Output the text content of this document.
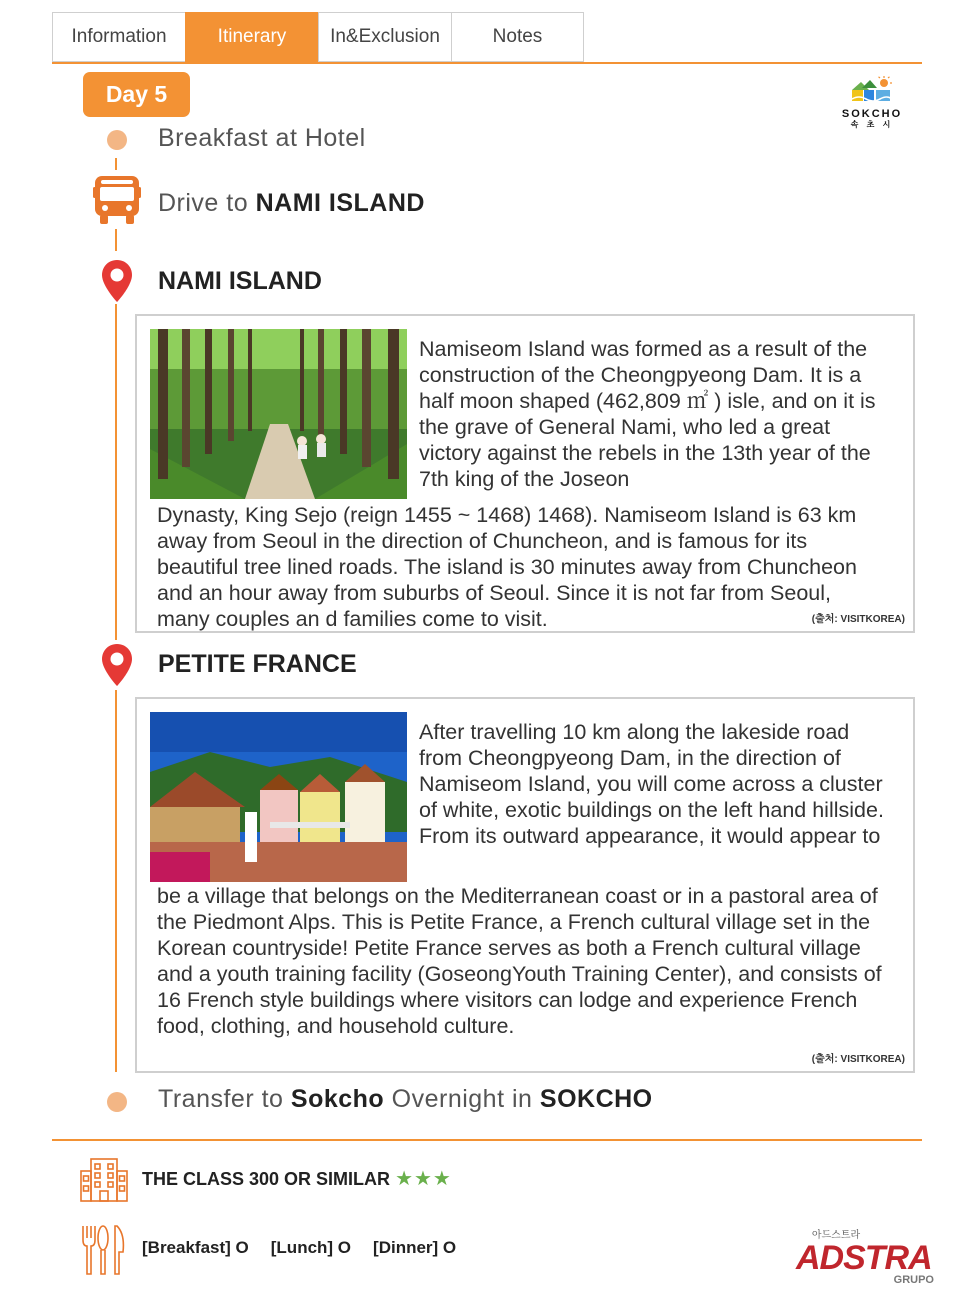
Information	Itinerary	In&Exclusion	Notes
Day 5
SOKCHO
속 초 시
Breakfast at Hotel
Drive to NAMI ISLAND
NAMI ISLAND
Namiseom Island was formed as a result of the construction of the Cheongpyeong Dam. It is a half moon shaped (462,809 ㎡ ) isle, and on it is the grave of General Nami, who led a great victory against the rebels in the 13th year of the 7th king of the Joseon
Dynasty, King Sejo (reign 1455 ~ 1468) 1468). Namiseom Island is 63 km away from Seoul in the direction of Chuncheon, and is famous for its beautiful tree lined roads. The island is 30 minutes away from Chuncheon and an hour away from suburbs of Seoul. Since it is not far from Seoul, many couples an d families come to visit.	(출처: VISITKOREA)
PETITE FRANCE
After travelling 10 km along the lakeside road from Cheongpyeong Dam, in the direction of Namiseom Island, you will come across a cluster of white, exotic buildings on the left hand hillside. From its outward appearance, it would appear to
be a village that belongs on the Mediterranean coast or in a pastoral area of the Piedmont Alps. This is Petite France, a French cultural village set in the Korean countryside! Petite France serves as both a French cultural village and a youth training facility (GoseongYouth Training Center), and consists of 16 French style buildings where visitors can lodge and experience French food, clothing, and household culture.
(출처: VISITKOREA)
Transfer to Sokcho Overnight in SOKCHO
THE CLASS 300 OR SIMILAR ★★★
[Breakfast] O [Lunch] O [Dinner] O
아드스트라
ADSTRA
GRUPO
